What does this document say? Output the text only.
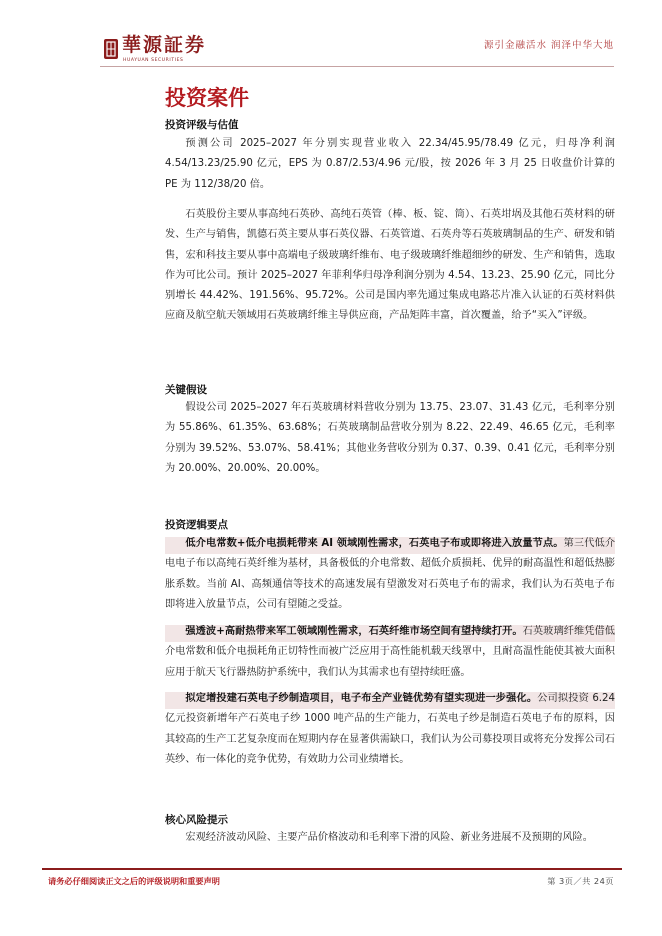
華源証券
HUAYUAN SECURITIES
源引金融活水 润泽中华大地
投资案件
投资评级与估值

预测公司 2025–2027 年分别实现营业收入 22.34/45.95/78.49 亿元，归母净利润 4.54/13.23/25.90 亿元，EPS 为 0.87/2.53/4.96 元/股，按 2026 年 3 月 25 日收盘价计算的 PE 为 112/38/20 倍。

石英股份主要从事高纯石英砂、高纯石英管（棒、板、锭、筒）、石英坩埚及其他石英材料的研发、生产与销售，凯德石英主要从事石英仪器、石英管道、石英舟等石英玻璃制品的生产、研发和销售，宏和科技主要从事中高端电子级玻璃纤维布、电子级玻璃纤维超细纱的研发、生产和销售，选取作为可比公司。预计 2025–2027 年菲利华归母净利润分别为 4.54、13.23、25.90 亿元，同比分别增长 44.42%、191.56%、95.72%。公司是国内率先通过集成电路芯片准入认证的石英材料供应商及航空航天领域用石英玻璃纤维主导供应商，产品矩阵丰富，首次覆盖，给予“买入”评级。

关键假设

假设公司 2025–2027 年石英玻璃材料营收分别为 13.75、23.07、31.43 亿元，毛利率分别为 55.86%、61.35%、63.68%；石英玻璃制品营收分别为 8.22、22.49、46.65 亿元，毛利率分别为 39.52%、53.07%、58.41%；其他业务营收分别为 0.37、0.39、0.41 亿元，毛利率分别为 20.00%、20.00%、20.00%。

投资逻辑要点

低介电常数+低介电损耗带来 AI 领域刚性需求，石英电子布或即将进入放量节点。第三代低介电电子布以高纯石英纤维为基材，具备极低的介电常数、超低介质损耗、优异的耐高温性和超低热膨胀系数。当前 AI、高频通信等技术的高速发展有望激发对石英电子布的需求，我们认为石英电子布即将进入放量节点，公司有望随之受益。

强透波+高耐热带来军工领域刚性需求，石英纤维市场空间有望持续打开。石英玻璃纤维凭借低介电常数和低介电损耗角正切特性而被广泛应用于高性能机载天线罩中，且耐高温性能使其被大面积应用于航天飞行器热防护系统中，我们认为其需求也有望持续旺盛。

拟定增投建石英电子纱制造项目，电子布全产业链优势有望实现进一步强化。公司拟投资 6.24 亿元投资新增年产石英电子纱 1000 吨产品的生产能力，石英电子纱是制造石英电子布的原料，因其较高的生产工艺复杂度而在短期内存在显著供需缺口，我们认为公司募投项目或将充分发挥公司石英纱、布一体化的竞争优势，有效助力公司业绩增长。

核心风险提示

宏观经济波动风险、主要产品价格波动和毛利率下滑的风险、新业务进展不及预期的风险。

请务必仔细阅读正文之后的评级说明和重要声明	第 3页／共 24页
